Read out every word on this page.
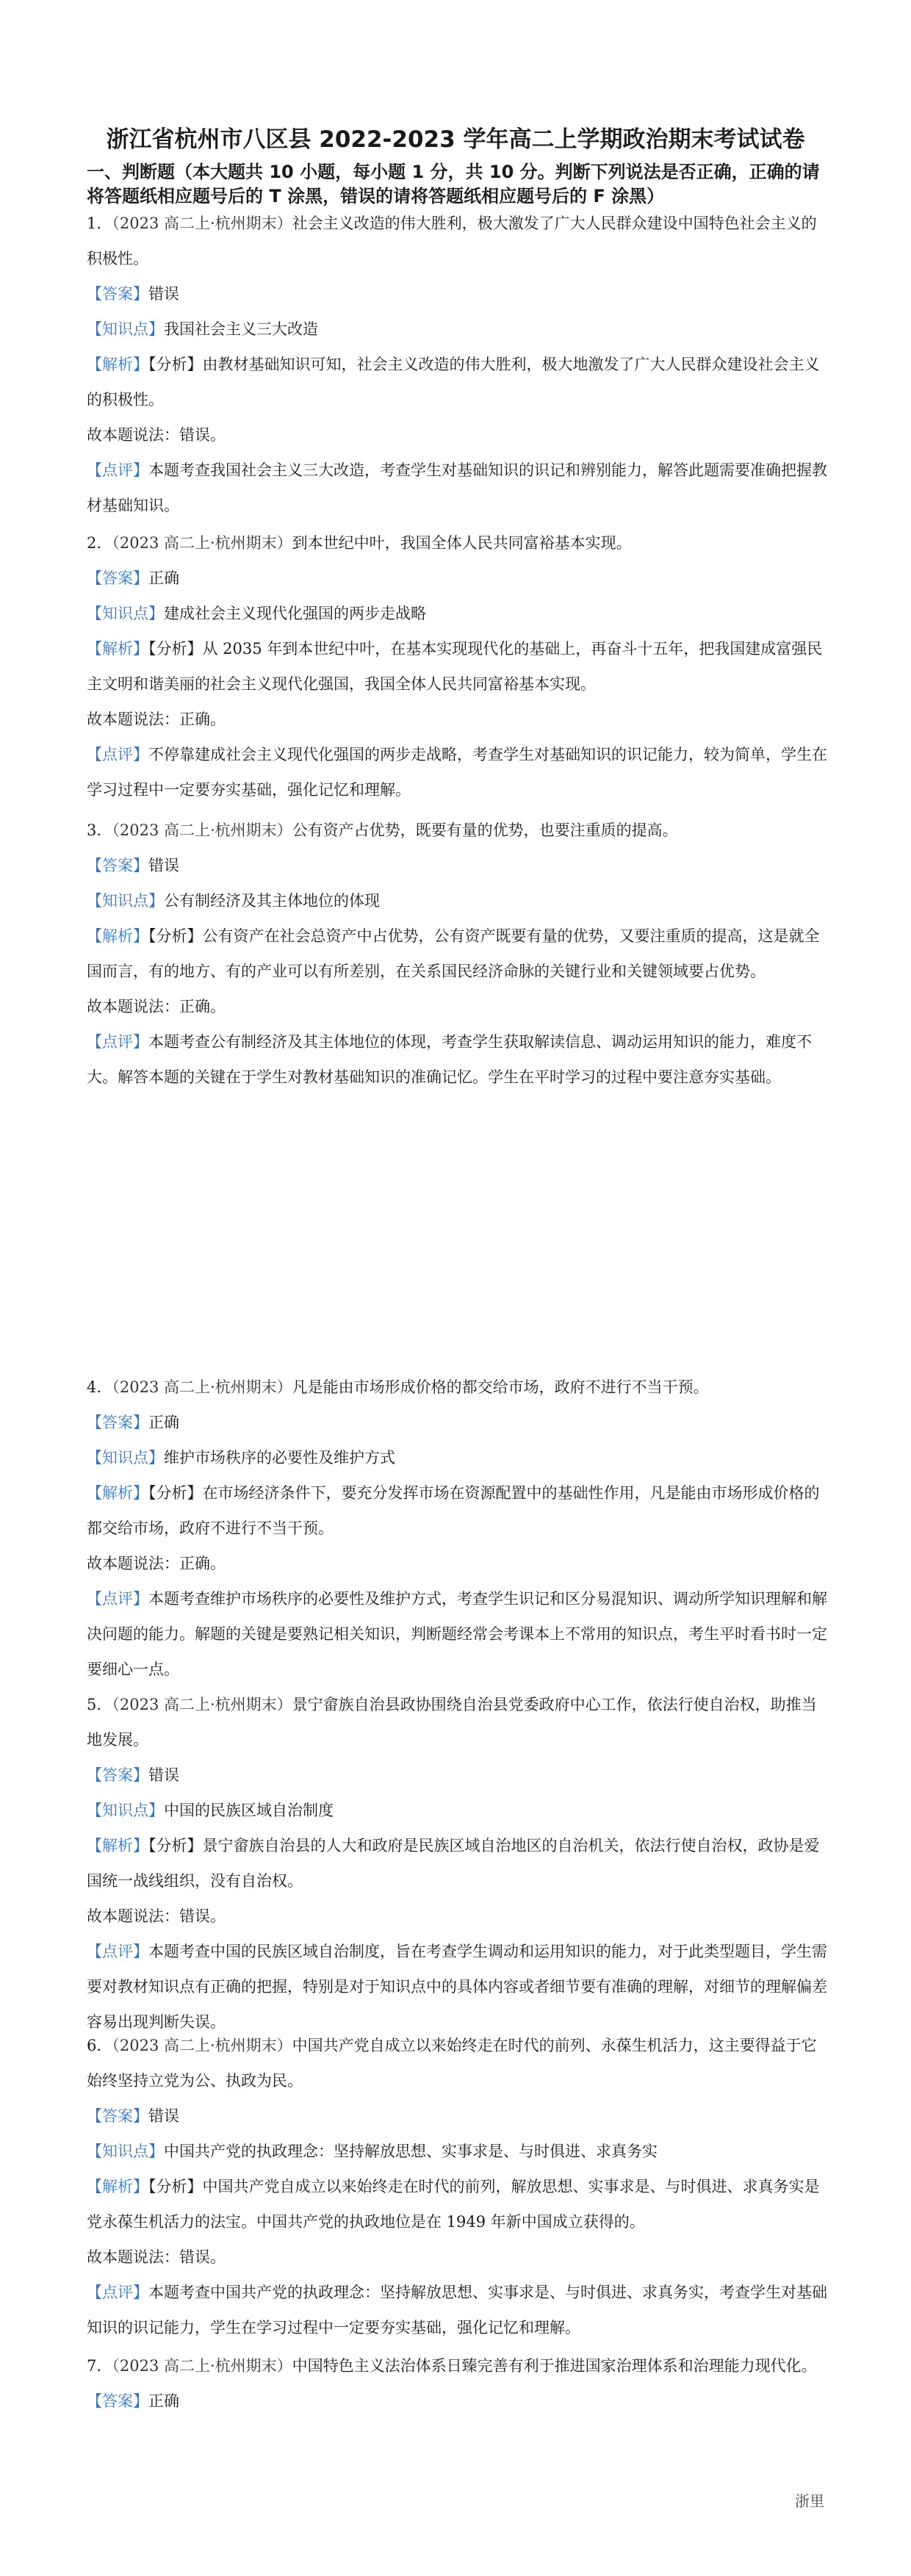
浙江省杭州市八区县 2022-2023 学年高二上学期政治期末考试试卷
一、判断题（本大题共 10 小题，每小题 1 分，共 10 分。判断下列说法是否正确，正确的请将答题纸相应题号后的 T 涂黑，错误的请将答题纸相应题号后的 F 涂黑）

1．（2023 高二上·杭州期末）社会主义改造的伟大胜利，极大激发了广大人民群众建设中国特色社会主义的积极性。

【答案】错误

【知识点】我国社会主义三大改造

【解析】【分析】由教材基础知识可知，社会主义改造的伟大胜利，极大地激发了广大人民群众建设社会主义的积极性。

故本题说法：错误。

【点评】本题考查我国社会主义三大改造，考查学生对基础知识的识记和辨别能力，解答此题需要准确把握教材基础知识。

2．（2023 高二上·杭州期末）到本世纪中叶，我国全体人民共同富裕基本实现。

【答案】正确

【知识点】建成社会主义现代化强国的两步走战略

【解析】【分析】从 2035 年到本世纪中叶，在基本实现现代化的基础上，再奋斗十五年，把我国建成富强民主文明和谐美丽的社会主义现代化强国，我国全体人民共同富裕基本实现。

故本题说法：正确。

【点评】不停靠建成社会主义现代化强国的两步走战略，考查学生对基础知识的识记能力，较为简单，学生在学习过程中一定要夯实基础，强化记忆和理解。

3．（2023 高二上·杭州期末）公有资产占优势，既要有量的优势，也要注重质的提高。

【答案】错误

【知识点】公有制经济及其主体地位的体现

【解析】【分析】公有资产在社会总资产中占优势，公有资产既要有量的优势，又要注重质的提高，这是就全国而言，有的地方、有的产业可以有所差别，在关系国民经济命脉的关键行业和关键领域要占优势。

故本题说法：正确。

【点评】本题考查公有制经济及其主体地位的体现，考查学生获取解读信息、调动运用知识的能力，难度不大。解答本题的关键在于学生对教材基础知识的准确记忆。学生在平时学习的过程中要注意夯实基础。

4．（2023 高二上·杭州期末）凡是能由市场形成价格的都交给市场，政府不进行不当干预。

【答案】正确

【知识点】维护市场秩序的必要性及维护方式

【解析】【分析】在市场经济条件下，要充分发挥市场在资源配置中的基础性作用，凡是能由市场形成价格的都交给市场，政府不进行不当干预。

故本题说法：正确。

【点评】本题考查维护市场秩序的必要性及维护方式，考查学生识记和区分易混知识、调动所学知识理解和解决问题的能力。解题的关键是要熟记相关知识，判断题经常会考课本上不常用的知识点，考生平时看书时一定要细心一点。

5．（2023 高二上·杭州期末）景宁畲族自治县政协围绕自治县党委政府中心工作，依法行使自治权，助推当地发展。

【答案】错误

【知识点】中国的民族区域自治制度

【解析】【分析】景宁畲族自治县的人大和政府是民族区域自治地区的自治机关，依法行使自治权，政协是爱国统一战线组织，没有自治权。

故本题说法：错误。

【点评】本题考查中国的民族区域自治制度，旨在考查学生调动和运用知识的能力，对于此类型题目，学生需要对教材知识点有正确的把握，特别是对于知识点中的具体内容或者细节要有准确的理解，对细节的理解偏差容易出现判断失误。

6．（2023 高二上·杭州期末）中国共产党自成立以来始终走在时代的前列、永葆生机活力，这主要得益于它始终坚持立党为公、执政为民。

【答案】错误

【知识点】中国共产党的执政理念：坚持解放思想、实事求是、与时俱进、求真务实

【解析】【分析】中国共产党自成立以来始终走在时代的前列，解放思想、实事求是、与时俱进、求真务实是党永葆生机活力的法宝。中国共产党的执政地位是在 1949 年新中国成立获得的。

故本题说法：错误。

【点评】本题考查中国共产党的执政理念：坚持解放思想、实事求是、与时俱进、求真务实，考查学生对基础知识的识记能力，学生在学习过程中一定要夯实基础，强化记忆和理解。

7．（2023 高二上·杭州期末）中国特色主义法治体系日臻完善有利于推进国家治理体系和治理能力现代化。

【答案】正确

浙里
